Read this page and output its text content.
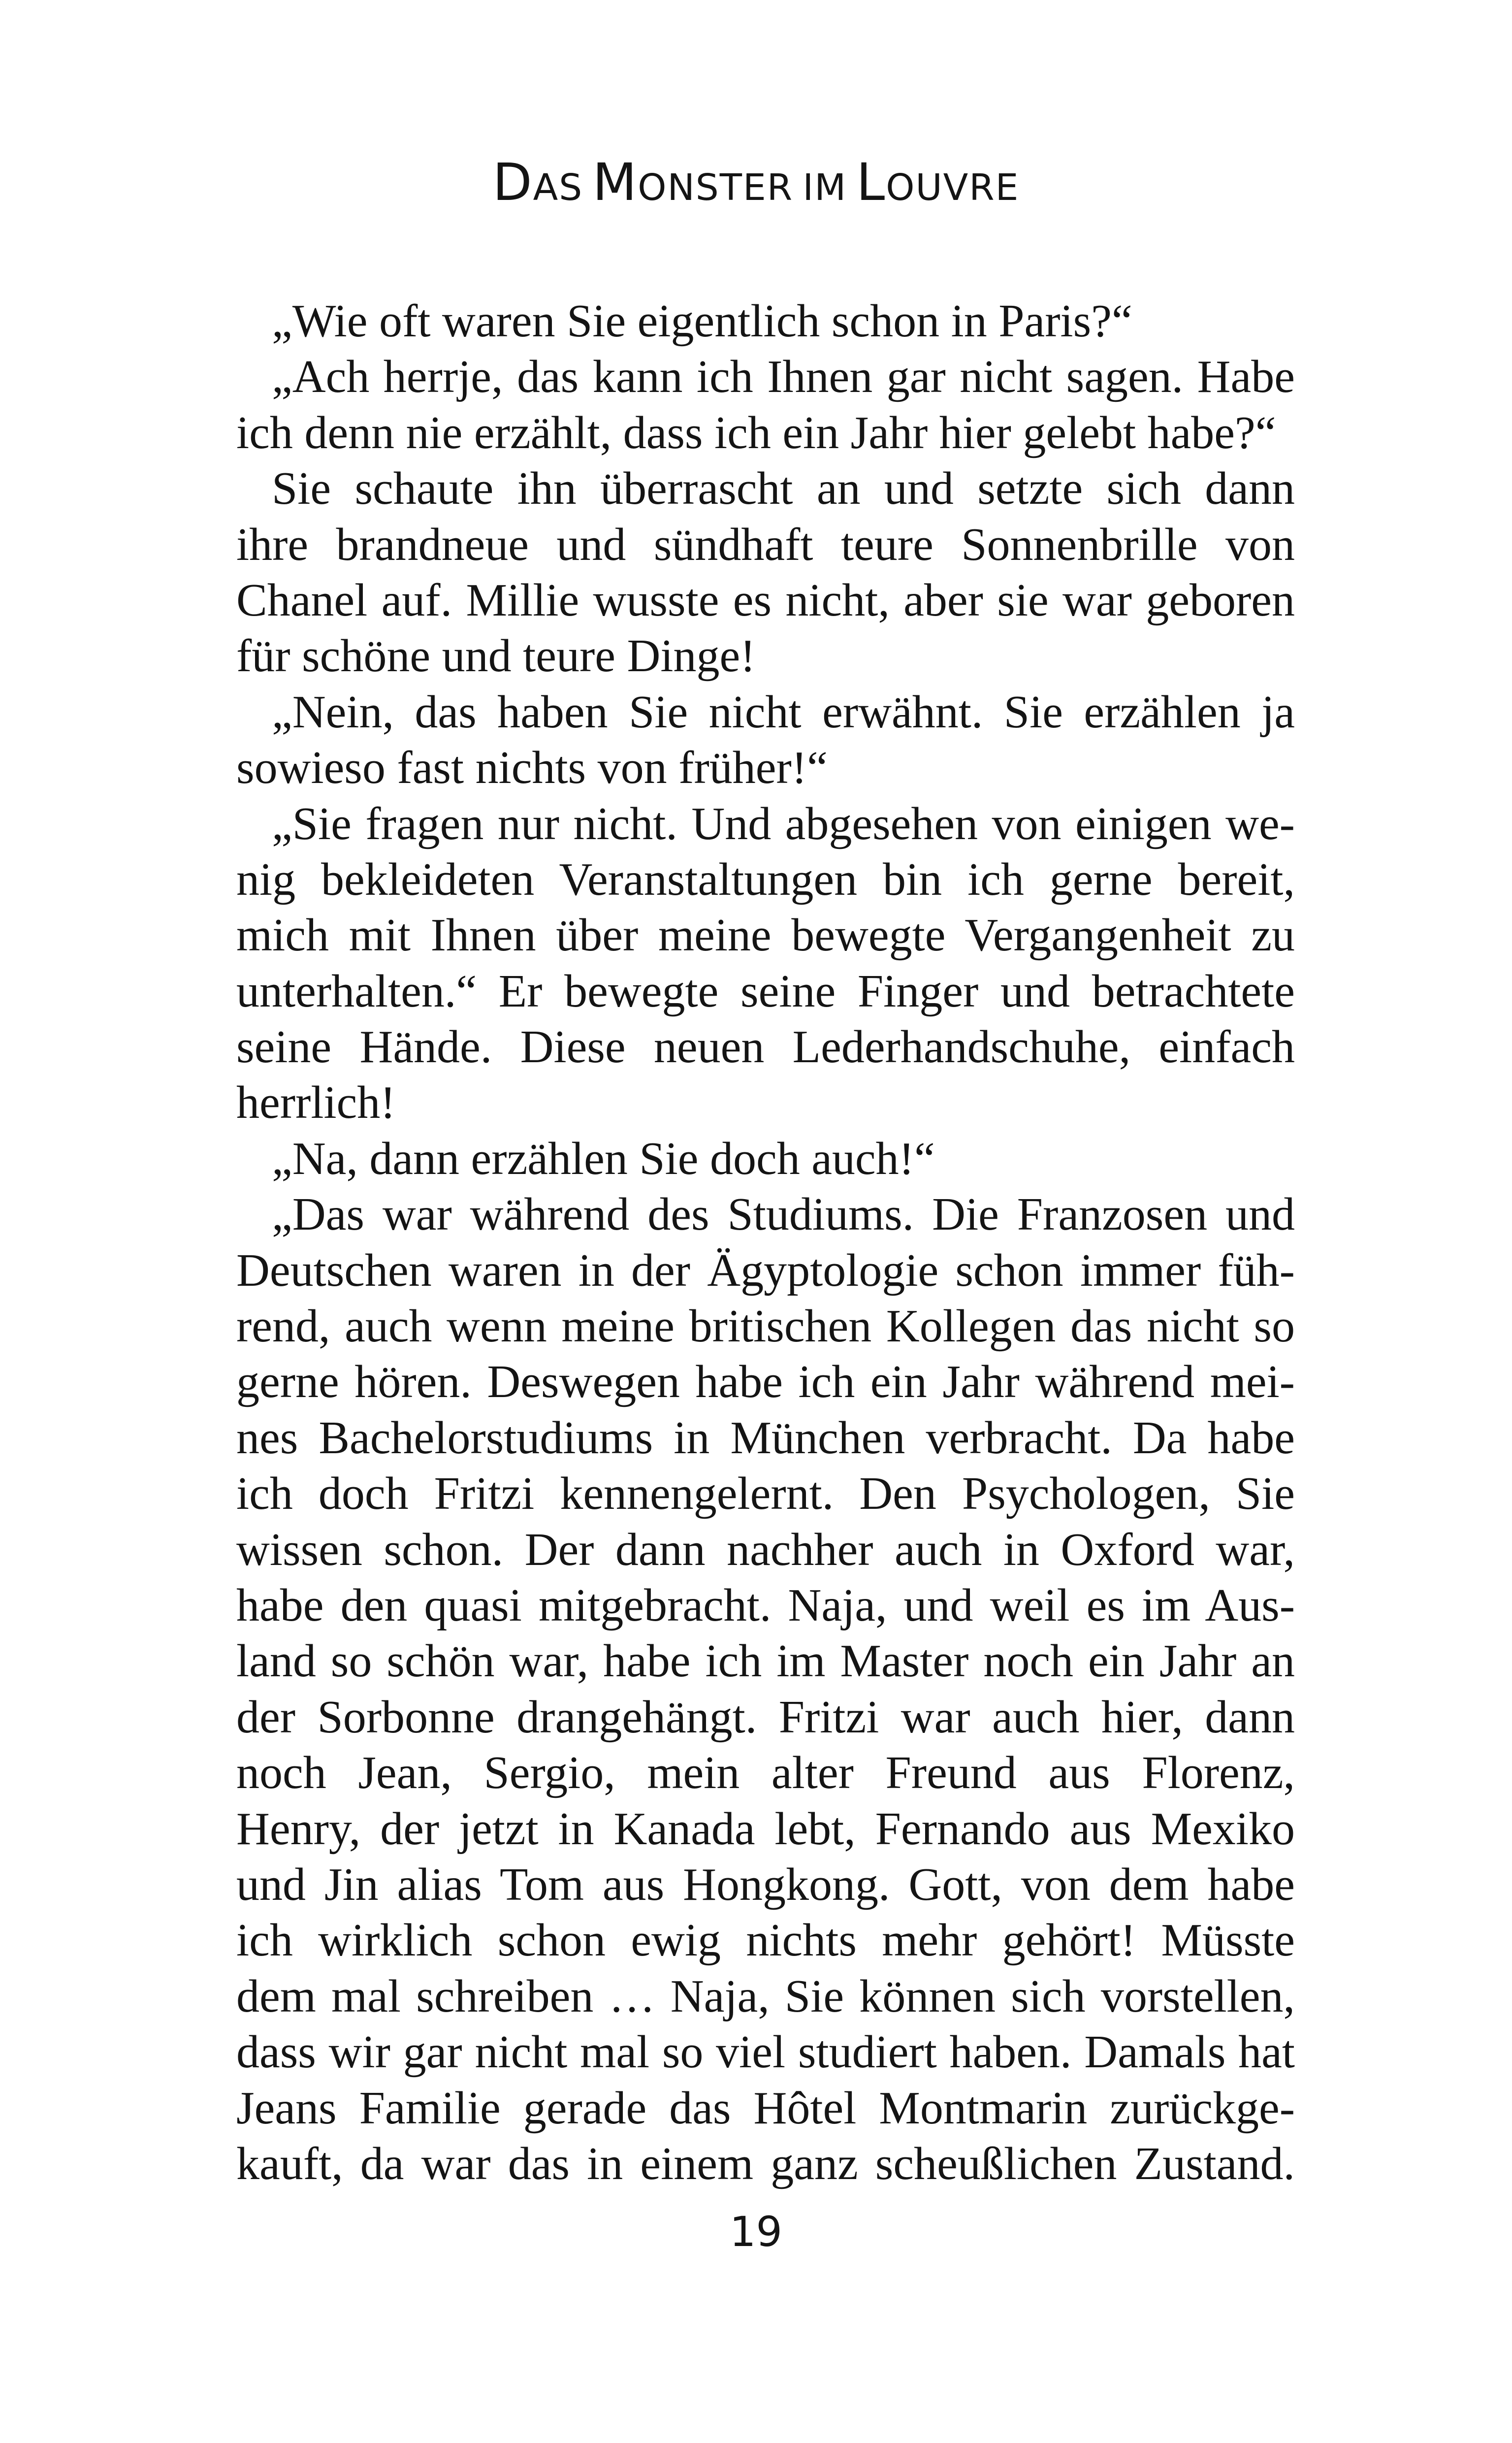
DAS  MONSTER  IM  LOUVRE
„Wie oft waren Sie eigentlich schon in Paris?“
„Ach herrje, das kann ich Ihnen gar nicht sagen. Habe
ich denn nie erzählt, dass ich ein Jahr hier gelebt habe?“
Sie schaute ihn überrascht an und setzte sich dann
ihre brandneue und sündhaft teure Sonnenbrille von
Chanel auf. Millie wusste es nicht, aber sie war geboren
für schöne und teure Dinge!
„Nein, das haben Sie nicht erwähnt. Sie erzählen ja
sowieso fast nichts von früher!“
„Sie fragen nur nicht. Und abgesehen von einigen we-
nig bekleideten Veranstaltungen bin ich gerne bereit,
mich mit Ihnen über meine bewegte Vergangenheit zu
unterhalten.“ Er bewegte seine Finger und betrachtete
seine Hände. Diese neuen Lederhandschuhe, einfach
herrlich!
„Na, dann erzählen Sie doch auch!“
„Das war während des Studiums. Die Franzosen und
Deutschen waren in der Ägyptologie schon immer füh-
rend, auch wenn meine britischen Kollegen das nicht so
gerne hören. Deswegen habe ich ein Jahr während mei-
nes Bachelorstudiums in München verbracht. Da habe
ich doch Fritzi kennengelernt. Den Psychologen, Sie
wissen schon. Der dann nachher auch in Oxford war,
habe den quasi mitgebracht. Naja, und weil es im Aus-
land so schön war, habe ich im Master noch ein Jahr an
der Sorbonne drangehängt. Fritzi war auch hier, dann
noch Jean, Sergio, mein alter Freund aus Florenz,
Henry, der jetzt in Kanada lebt, Fernando aus Mexiko
und Jin alias Tom aus Hongkong. Gott, von dem habe
ich wirklich schon ewig nichts mehr gehört! Müsste
dem mal schreiben … Naja, Sie können sich vorstellen,
dass wir gar nicht mal so viel studiert haben. Damals hat
Jeans Familie gerade das Hôtel Montmarin zurückge-
kauft, da war das in einem ganz scheußlichen Zustand.
19
